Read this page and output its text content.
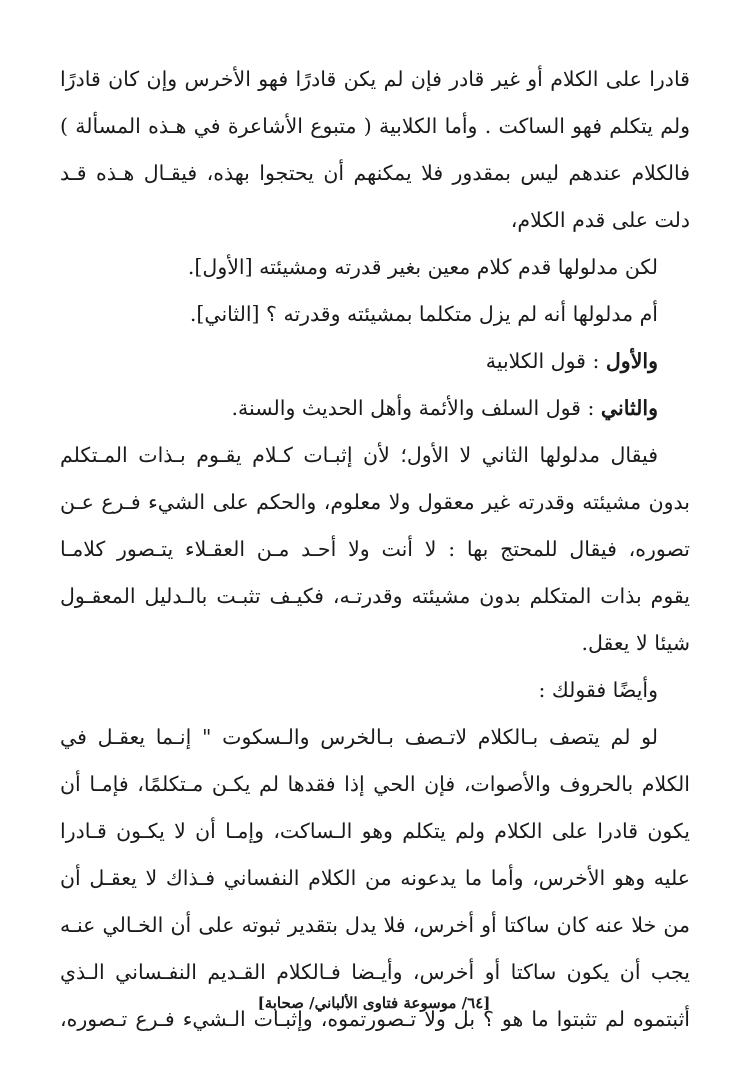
قادرا على الكلام أو غير قادر فإن لم يكن قادرًا فهو الأخرس وإن كان قادرًا
ولم يتكلم فهو الساكت . وأما الكلابية ( متبوع الأشاعرة في هـذه المسألة )
فالكلام عندهم ليس بمقدور فلا يمكنهم أن يحتجوا بهذه، فيقـال هـذه قـد
دلت على قدم الكلام،
لكن مدلولها قدم كلام معين بغير قدرته ومشيئته [الأول].
أم مدلولها أنه لم يزل متكلما بمشيئته وقدرته ؟ [الثاني].
والأول : قول الكلابية
والثاني : قول السلف والأئمة وأهل الحديث والسنة.
فيقال مدلولها الثاني لا الأول؛ لأن إثبـات كـلام يقـوم بـذات المـتكلم
بدون مشيئته وقدرته غير معقول ولا معلوم، والحكم على الشيء فـرع عـن
تصوره، فيقال للمحتج بها : لا أنت ولا أحـد مـن العقـلاء يتـصور كلامـا
يقوم بذات المتكلم بدون مشيئته وقدرتـه، فكيـف تثبـت بالـدليل المعقـول
شيئا لا يعقل.
وأيضًا فقولك :
لو لم يتصف بـالكلام لاتـصف بـالخرس والـسكوت " إنـما يعقـل في
الكلام بالحروف والأصوات، فإن الحي إذا فقدها لم يكـن مـتكلمًا، فإمـا أن
يكون قادرا على الكلام ولم يتكلم وهو الـساكت، وإمـا أن لا يكـون قـادرا
عليه وهو الأخرس، وأما ما يدعونه من الكلام النفساني فـذاك لا يعقـل أن
من خلا عنه كان ساكتا أو أخرس، فلا يدل بتقدير ثبوته على أن الخـالي عنـه
يجب أن يكون ساكتا أو أخرس، وأيـضا فـالكلام القـديم النفـساني الـذي
أثبتموه لم تثبتوا ما هو ؟ بل ولا تـصورتموه، وإثبـات الـشيء فـرع تـصوره،
[٦٤/ موسوعة فتاوى الألباني/ صحابة]
